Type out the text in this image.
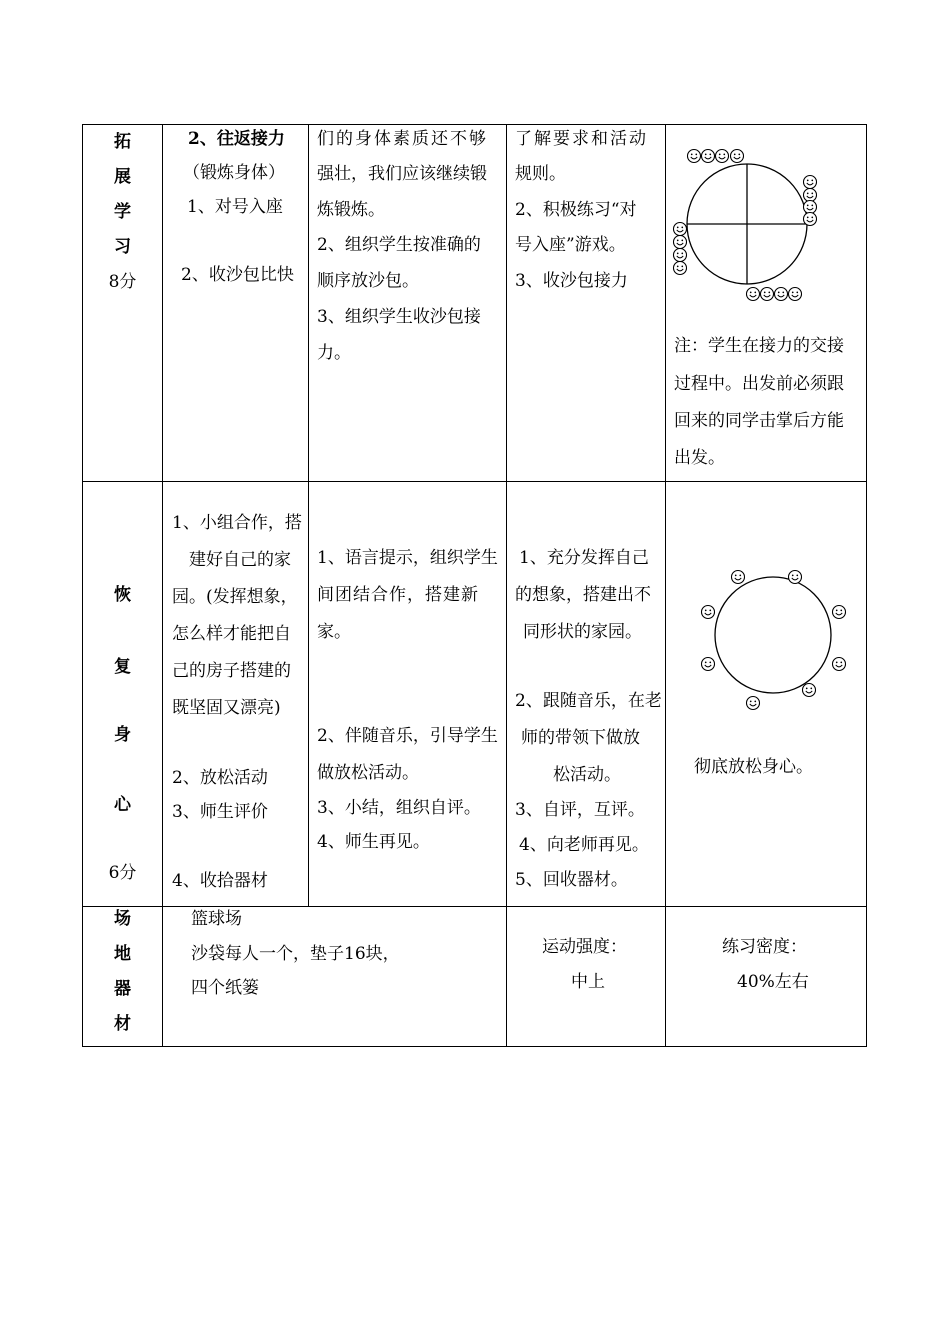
拓
展
学
习
8分
2、往返接力
（锻炼身体）
1、对号入座
2、收沙包比快
们的身体素质还不够
强壮，我们应该继续锻
炼锻炼。
2、组织学生按准确的
顺序放沙包。
3、组织学生收沙包接
力。
了解要求和活动
规则。
2、积极练习“对
号入座”游戏。
3、收沙包接力
注：学生在接力的交接
过程中。出发前必须跟
回来的同学击掌后方能
出发。
恢
复
身
心
6分
1、小组合作，搭
建好自己的家
园。(发挥想象，
怎么样才能把自
己的房子搭建的
既坚固又漂亮)
2、放松活动
3、师生评价
4、收拾器材
1、语言提示，组织学生
间团结合作，搭建新
家。
2、伴随音乐，引导学生
做放松活动。
3、小结，组织自评。
4、师生再见。
1、充分发挥自己
的想象，搭建出不
同形状的家园。
2、跟随音乐，在老
师的带领下做放
松活动。
3、自评，互评。
4、向老师再见。
5、回收器材。
彻底放松身心。
场
地
器
材
篮球场
沙袋每人一个，垫子16块，
四个纸篓
运动强度：
中上
练习密度：
40%左右
